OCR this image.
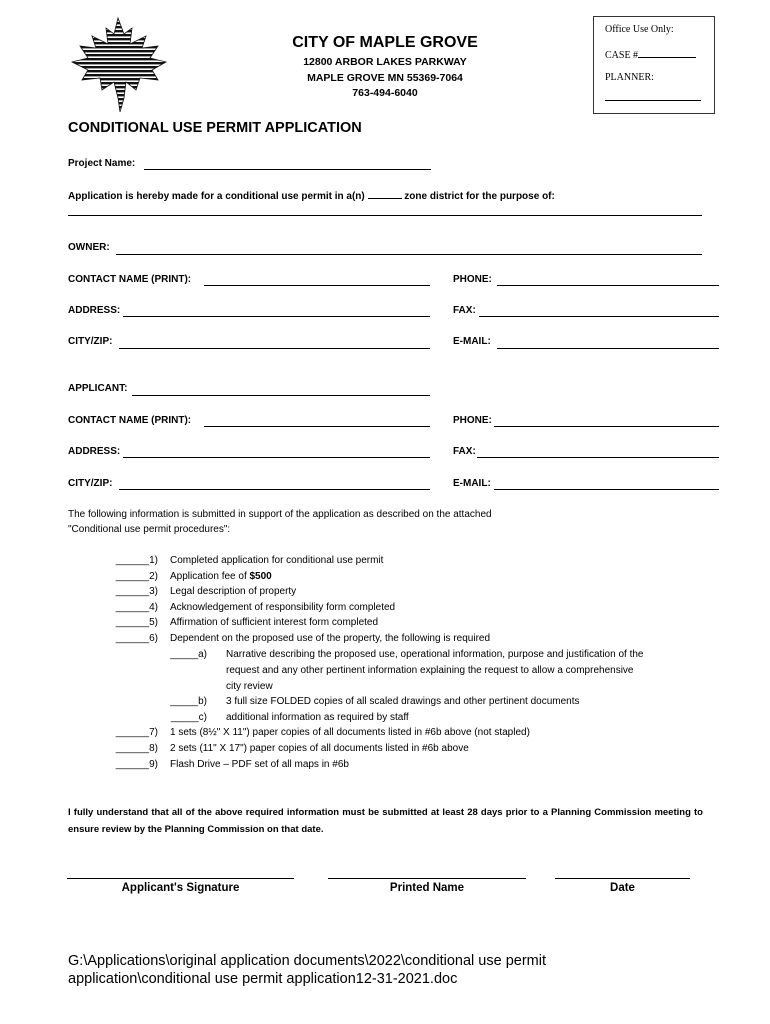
CITY OF MAPLE GROVE
12800 ARBOR LAKES PARKWAY
MAPLE GROVE MN 55369-7064
763-494-6040
Office Use Only:
CASE #
PLANNER:
CONDITIONAL USE PERMIT APPLICATION
Project Name:
Application is hereby made for a conditional use permit in a(n)	zone district for the purpose of:
OWNER:
CONTACT NAME (PRINT):	PHONE:
ADDRESS:	FAX:
CITY/ZIP:	E-MAIL:
APPLICANT:
CONTACT NAME (PRINT):	PHONE:
ADDRESS:	FAX:
CITY/ZIP:	E-MAIL:
The following information is submitted in support of the application as described on the attached
"Conditional use permit procedures":
______1) Completed application for conditional use permit
______2) Application fee of $500
______3) Legal description of property
______4) Acknowledgement of responsibility form completed
______5) Affirmation of sufficient interest form completed
______6) Dependent on the proposed use of the property, the following is required
_____a) Narrative describing the proposed use, operational information, purpose and justification of the
request and any other pertinent information explaining the request to allow a comprehensive
city review
_____b) 3 full size FOLDED copies of all scaled drawings and other pertinent documents
_____c) additional information as required by staff
______7) 1 sets (8½" X 11") paper copies of all documents listed in #6b above (not stapled)
______8) 2 sets (11" X 17") paper copies of all documents listed in #6b above
______9) Flash Drive – PDF set of all maps in #6b
I fully understand that all of the above required information must be submitted at least 28 days prior to a Planning Commission meeting to ensure review by the Planning Commission on that date.
Applicant's Signature	Printed Name	Date
G:\Applications\original application documents\2022\conditional use permit
application\conditional use permit application12-31-2021.doc
